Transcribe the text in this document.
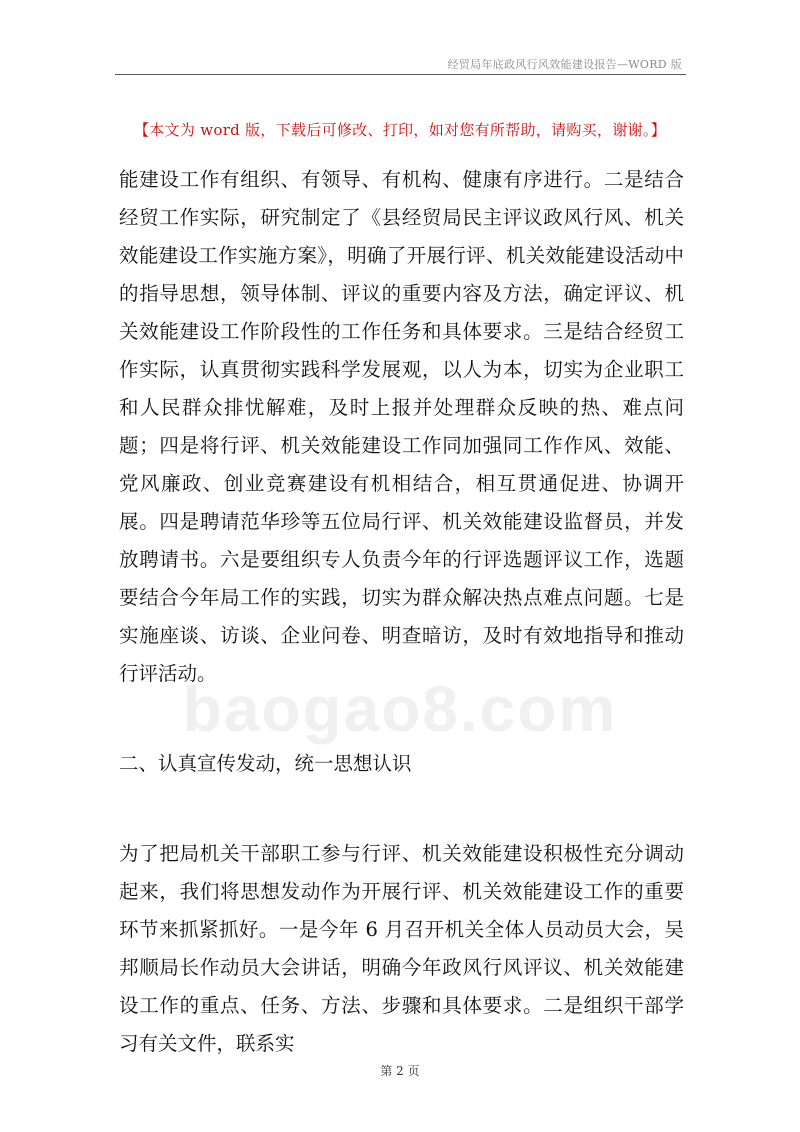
经贸局年底政风行风效能建设报告—WORD 版
【本文为 word 版，下载后可修改、打印，如对您有所帮助，请购买，谢谢。】

能建设工作有组织、有领导、有机构、健康有序进行。二是结合经贸工作实际，研究制定了《县经贸局民主评议政风行风、机关效能建设工作实施方案》，明确了开展行评、机关效能建设活动中的指导思想，领导体制、评议的重要内容及方法，确定评议、机关效能建设工作阶段性的工作任务和具体要求。三是结合经贸工作实际，认真贯彻实践科学发展观，以人为本，切实为企业职工和人民群众排忧解难，及时上报并处理群众反映的热、难点问题；四是将行评、机关效能建设工作同加强同工作作风、效能、党风廉政、创业竞赛建设有机相结合，相互贯通促进、协调开展。四是聘请范华珍等五位局行评、机关效能建设监督员，并发放聘请书。六是要组织专人负责今年的行评选题评议工作，选题要结合今年局工作的实践，切实为群众解决热点难点问题。七是实施座谈、访谈、企业问卷、明查暗访，及时有效地指导和推动行评活动。

二、认真宣传发动，统一思想认识

为了把局机关干部职工参与行评、机关效能建设积极性充分调动起来，我们将思想发动作为开展行评、机关效能建设工作的重要环节来抓紧抓好。一是今年 6 月召开机关全体人员动员大会，吴邦顺局长作动员大会讲话，明确今年政风行风评议、机关效能建设工作的重点、任务、方法、步骤和具体要求。二是组织干部学习有关文件，联系实

baogao8.com
第 2 页
